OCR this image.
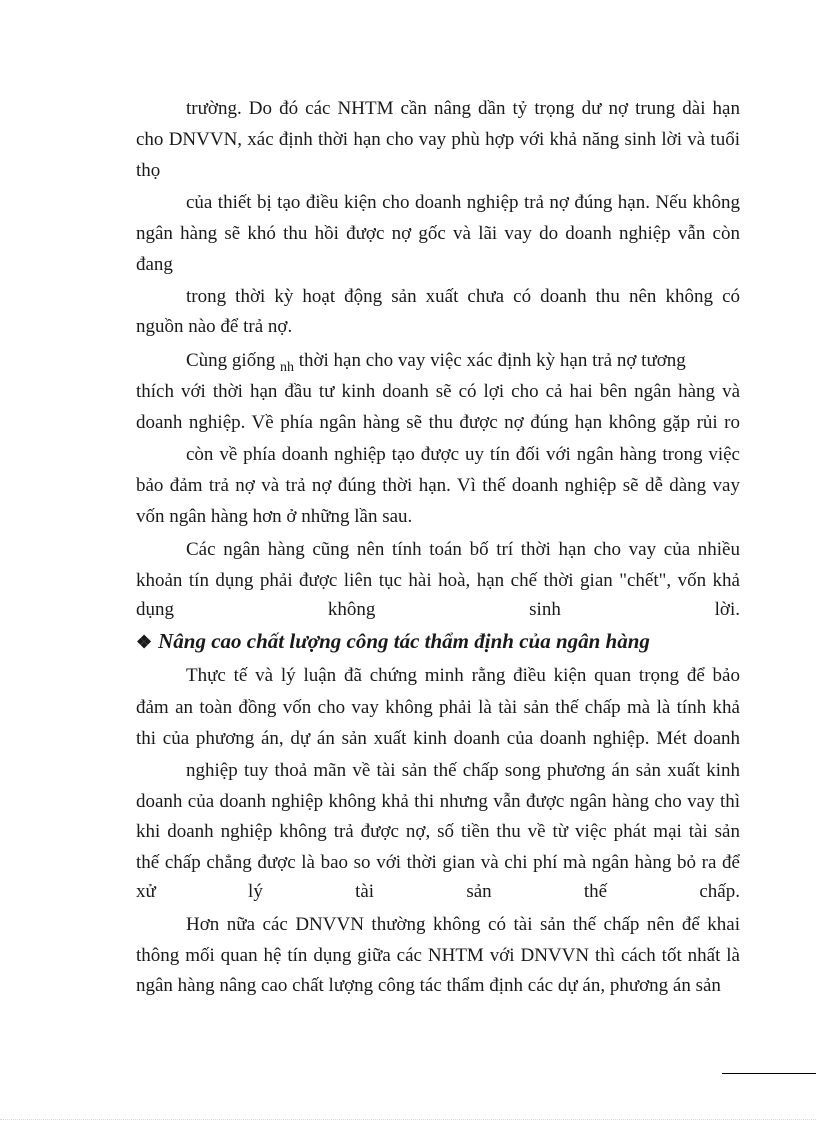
trường. Do đó các NHTM cần nâng dần tỷ trọng dư nợ trung dài hạn
cho DNVVN, xác định thời hạn cho vay phù hợp với khả năng sinh lời và tuổi
thọ
của thiết bị tạo điều kiện cho doanh nghiệp trả nợ đúng hạn. Nếu không
ngân hàng sẽ khó thu hồi được nợ gốc và lãi vay do doanh nghiệp vẫn còn
đang
trong thời kỳ hoạt động sản xuất chưa có doanh thu nên không có
nguồn nào để trả nợ.
Cùng giống $_{nh}$ thời hạn cho vay việc xác định kỳ hạn trả nợ tương
thích với thời hạn đầu tư kinh doanh sẽ có lợi cho cả hai bên ngân hàng và
doanh nghiệp. Về phía ngân hàng sẽ thu được nợ đúng hạn không gặp rủi ro
còn về phía doanh nghiệp tạo được uy tín đối với ngân hàng trong việc
bảo đảm trả nợ và trả nợ đúng thời hạn. Vì thế doanh nghiệp sẽ dễ dàng vay
vốn ngân hàng hơn ở những lần sau.
Các ngân hàng cũng nên tính toán bố trí thời hạn cho vay của nhiều
khoản tín dụng phải được liên tục hài hoà, hạn chế thời gian "chết", vốn khả
dụng không sinh lời.
❖ Nâng cao chất lượng công tác thẩm định của ngân hàng
Thực tế và lý luận đã chứng minh rằng điều kiện quan trọng để bảo
đảm an toàn đồng vốn cho vay không phải là tài sản thế chấp mà là tính khả
thi của phương án, dự án sản xuất kinh doanh của doanh nghiệp. Mét doanh
nghiệp tuy thoả mãn về tài sản thế chấp song phương án sản xuất kinh
doanh của doanh nghiệp không khả thi nhưng vẫn được ngân hàng cho vay thì
khi doanh nghiệp không trả được nợ, số tiền thu về từ việc phát mại tài sản
thế chấp chẳng được là bao so với thời gian và chi phí mà ngân hàng bỏ ra để
xử lý tài sản thế chấp.
Hơn nữa các DNVVN thường không có tài sản thế chấp nên để khai
thông mối quan hệ tín dụng giữa các NHTM với DNVVN thì cách tốt nhất là
ngân hàng nâng cao chất lượng công tác thẩm định các dự án, phương án sản
